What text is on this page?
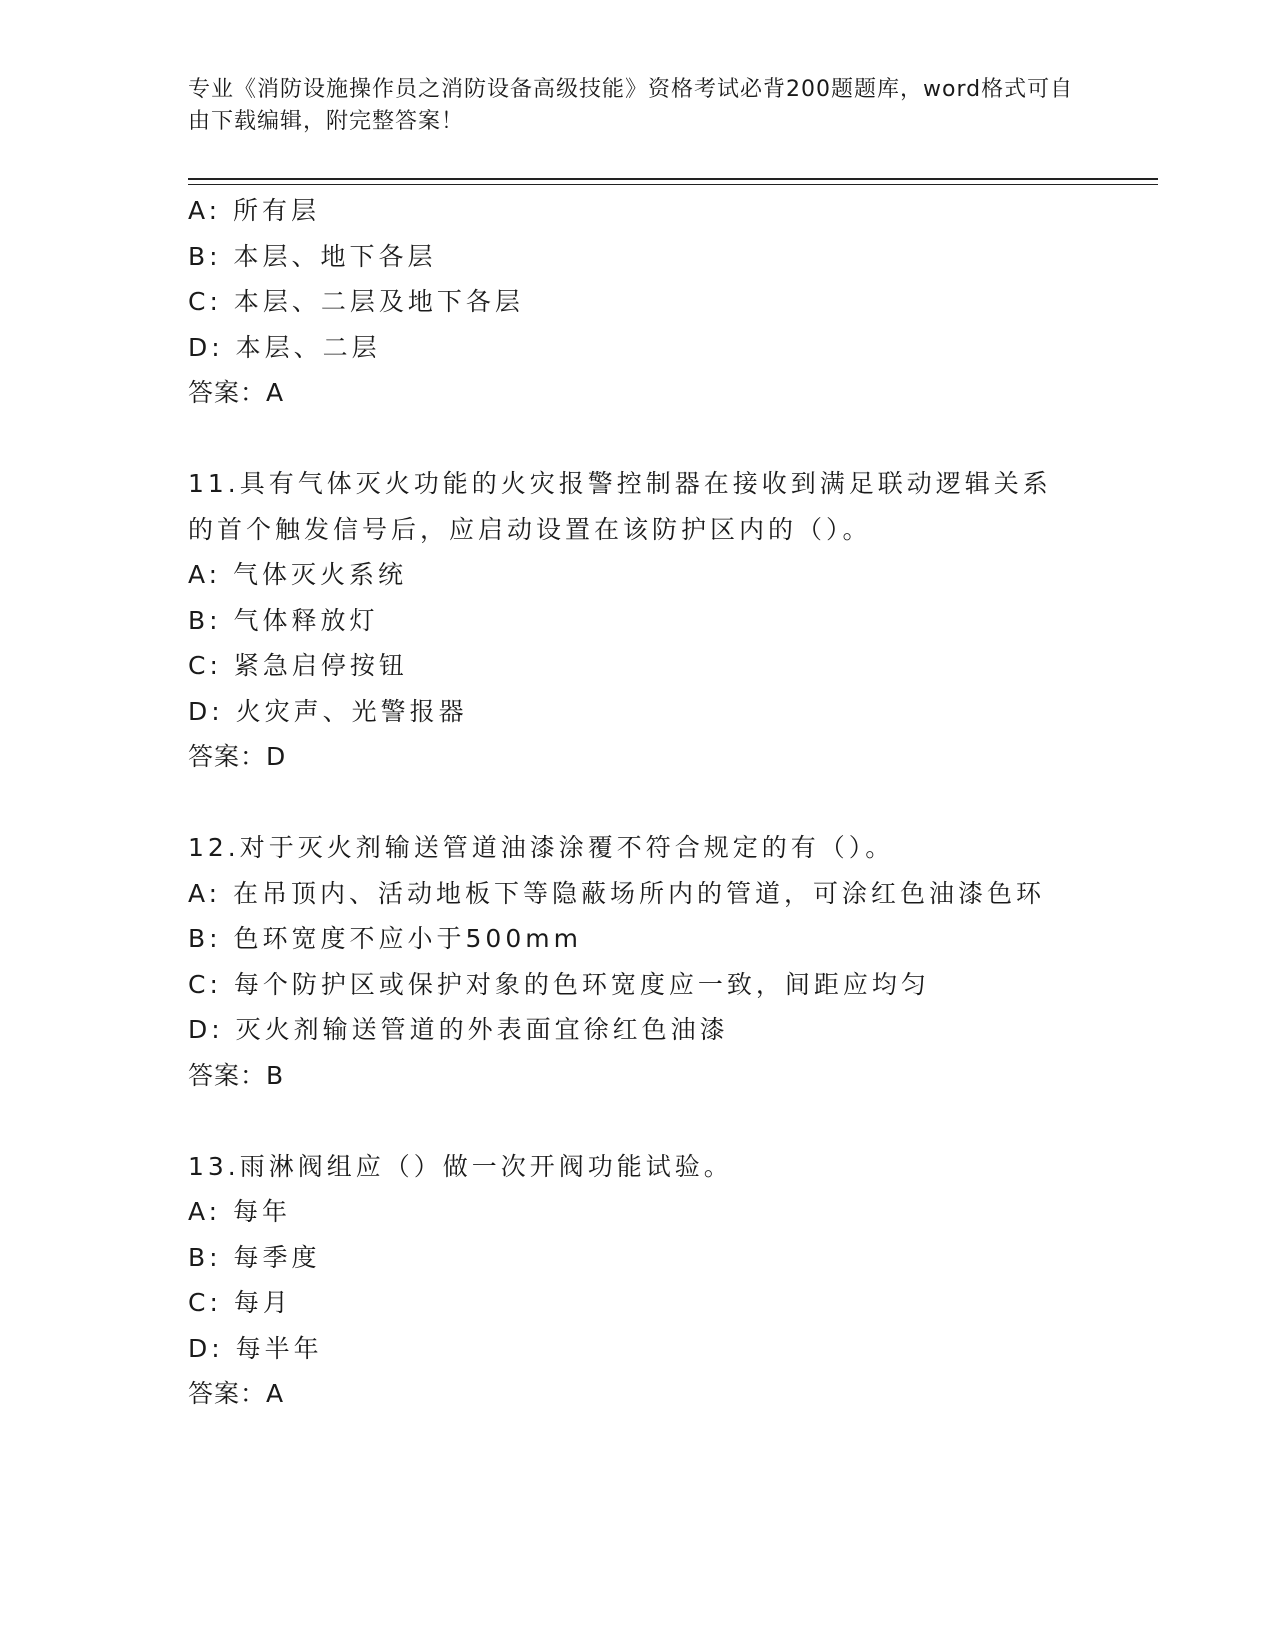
专业《消防设施操作员之消防设备高级技能》资格考试必背200题题库，word格式可自由下载编辑，附完整答案！
A: 所有层
B: 本层、地下各层
C: 本层、二层及地下各层
D: 本层、二层
答案：A
11.具有气体灭火功能的火灾报警控制器在接收到满足联动逻辑关系的首个触发信号后，应启动设置在该防护区内的（）。
A: 气体灭火系统
B: 气体释放灯
C: 紧急启停按钮
D: 火灾声、光警报器
答案：D
12.对于灭火剂输送管道油漆涂覆不符合规定的有（）。
A: 在吊顶内、活动地板下等隐蔽场所内的管道，可涂红色油漆色环
B: 色环宽度不应小于500mm
C: 每个防护区或保护对象的色环宽度应一致，间距应均匀
D: 灭火剂输送管道的外表面宜徐红色油漆
答案：B
13.雨淋阀组应（）做一次开阀功能试验。
A: 每年
B: 每季度
C: 每月
D: 每半年
答案：A
